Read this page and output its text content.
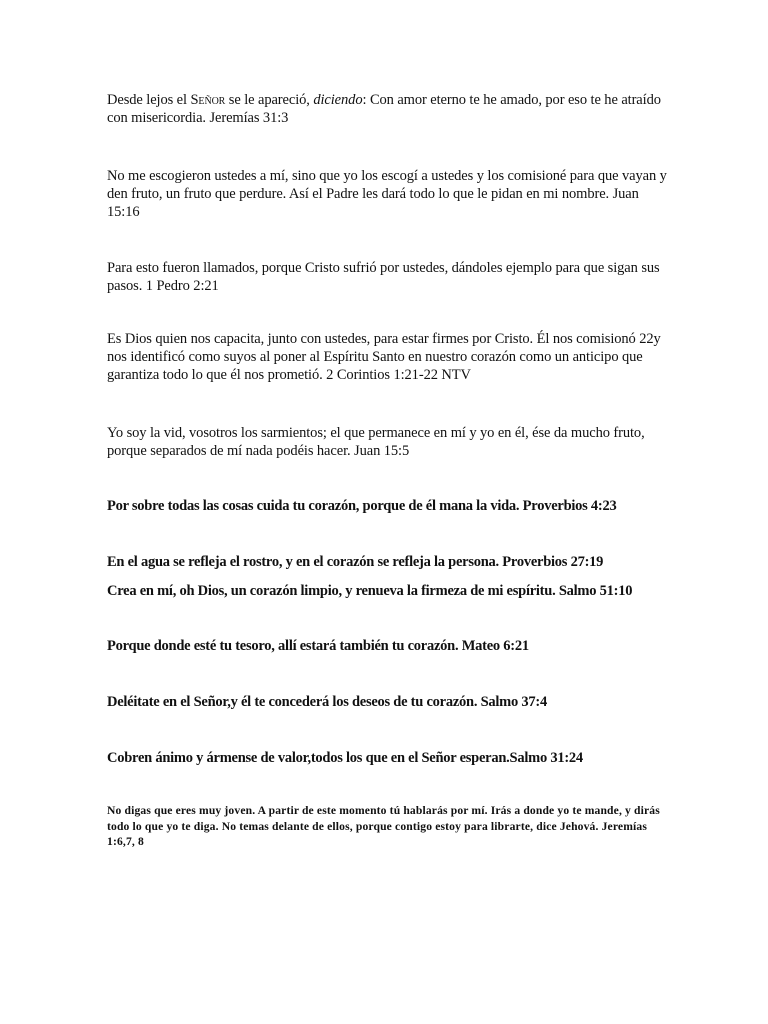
Desde lejos el Señor se le apareció, diciendo: Con amor eterno te he amado, por eso te he atraído con misericordia. Jeremías 31:3

No me escogieron ustedes a mí, sino que yo los escogí a ustedes y los comisioné para que vayan y den fruto, un fruto que perdure. Así el Padre les dará todo lo que le pidan en mi nombre. Juan 15:16

Para esto fueron llamados, porque Cristo sufrió por ustedes, dándoles ejemplo para que sigan sus pasos. 1 Pedro 2:21

Es Dios quien nos capacita, junto con ustedes, para estar firmes por Cristo. Él nos comisionó 22y nos identificó como suyos al poner al Espíritu Santo en nuestro corazón como un anticipo que garantiza todo lo que él nos prometió. 2 Corintios 1:21-22 NTV

Yo soy la vid, vosotros los sarmientos; el que permanece en mí y yo en él, ése da mucho fruto, porque separados de mí nada podéis hacer. Juan 15:5

Por sobre todas las cosas cuida tu corazón, porque de él mana la vida. Proverbios 4:23

En el agua se refleja el rostro, y en el corazón se refleja la persona. Proverbios 27:19

Crea en mí, oh Dios, un corazón limpio, y renueva la firmeza de mi espíritu. Salmo 51:10

Porque donde esté tu tesoro, allí estará también tu corazón. Mateo 6:21

Deléitate en el Señor,y él te concederá los deseos de tu corazón. Salmo 37:4

Cobren ánimo y ármense de valor,todos los que en el Señor esperan.Salmo 31:24

No digas que eres muy joven. A partir de este momento tú hablarás por mí. Irás a donde yo te mande, y dirás todo lo que yo te diga. No temas delante de ellos, porque contigo estoy para librarte, dice Jehová. Jeremías 1:6,7, 8
